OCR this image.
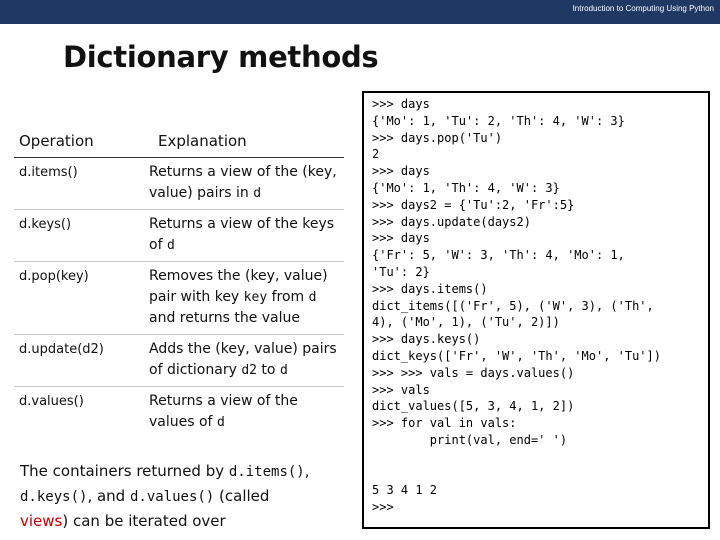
Introduction to Computing Using Python
Dictionary methods
Operation	Explanation
d.items()	Returns a view of the (key, value) pairs in d
d.keys()	Returns a view of the keys of d
d.pop(key)	Removes the (key, value) pair with key key from d and returns the value
d.update(d2)	Adds the (key, value) pairs of dictionary d2 to d
d.values()	Returns a view of the values of d
The containers returned by d.items(),
d.keys(), and d.values() (called
views) can be iterated over
>>> days
{'Mo': 1, 'Tu': 2, 'Th': 4, 'W': 3}
>>> days.pop('Tu')
2
>>> days
{'Mo': 1, 'Th': 4, 'W': 3}
>>> days2 = {'Tu':2, 'Fr':5}
>>> days.update(days2)
>>> days
{'Fr': 5, 'W': 3, 'Th': 4, 'Mo': 1,
'Tu': 2}
>>> days.items()
dict_items([('Fr', 5), ('W', 3), ('Th',
4), ('Mo', 1), ('Tu', 2)])
>>> days.keys()
dict_keys(['Fr', 'W', 'Th', 'Mo', 'Tu'])
>>> >>> vals = days.values()
>>> vals
dict_values([5, 3, 4, 1, 2])
>>> for val in vals:
print(val, end=' ')
5 3 4 1 2
>>>
